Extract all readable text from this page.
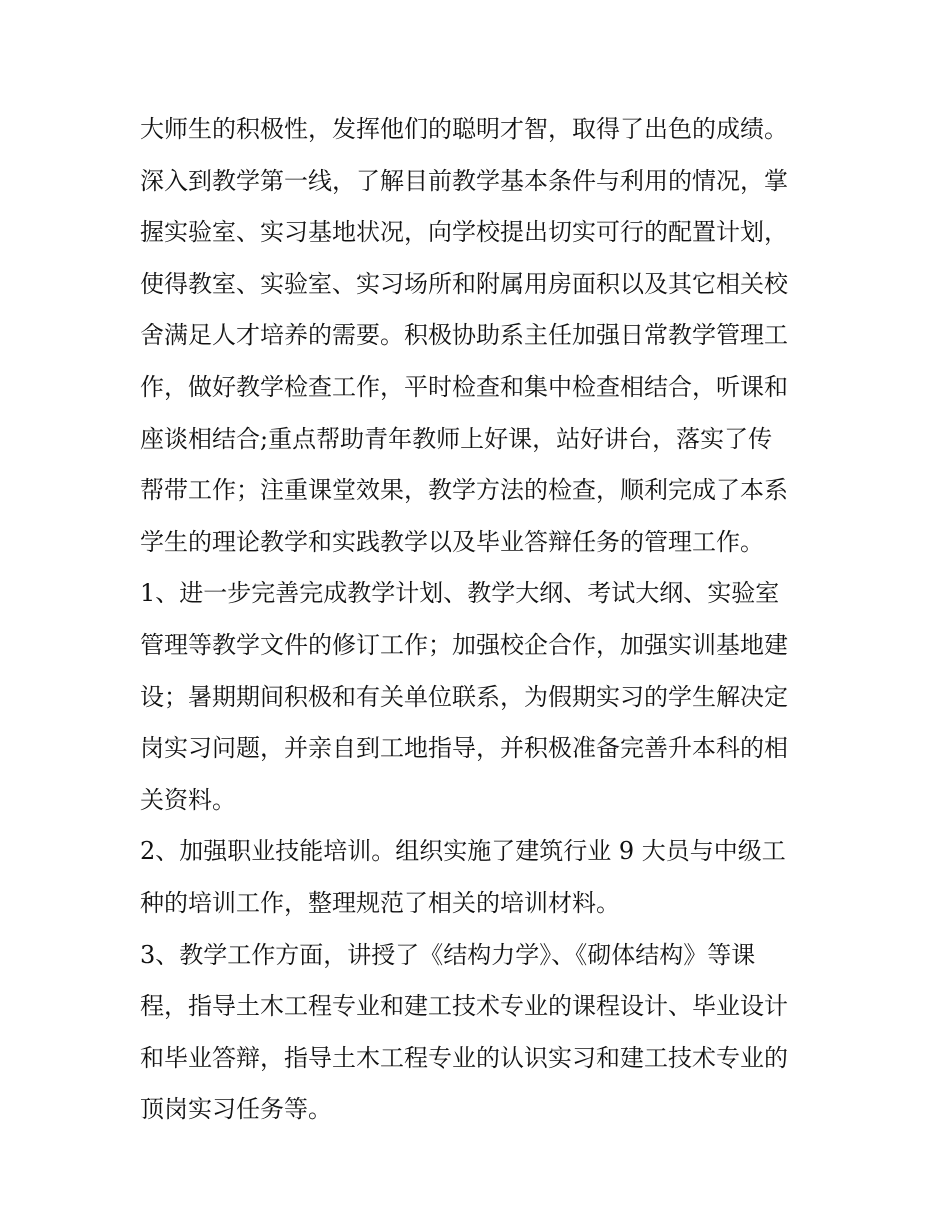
大师生的积极性，发挥他们的聪明才智，取得了出色的成绩。
深入到教学第一线，了解目前教学基本条件与利用的情况，掌
握实验室、实习基地状况，向学校提出切实可行的配置计划，
使得教室、实验室、实习场所和附属用房面积以及其它相关校
舍满足人才培养的需要。积极协助系主任加强日常教学管理工
作，做好教学检查工作，平时检查和集中检查相结合，听课和
座谈相结合;重点帮助青年教师上好课，站好讲台，落实了传
帮带工作；注重课堂效果，教学方法的检查，顺利完成了本系
学生的理论教学和实践教学以及毕业答辩任务的管理工作。
1、进一步完善完成教学计划、教学大纲、考试大纲、实验室
管理等教学文件的修订工作；加强校企合作，加强实训基地建
设；暑期期间积极和有关单位联系，为假期实习的学生解决定
岗实习问题，并亲自到工地指导，并积极准备完善升本科的相
关资料。
2、加强职业技能培训。组织实施了建筑行业 9 大员与中级工
种的培训工作，整理规范了相关的培训材料。
3、教学工作方面，讲授了《结构力学》、《砌体结构》等课
程，指导土木工程专业和建工技术专业的课程设计、毕业设计
和毕业答辩，指导土木工程专业的认识实习和建工技术专业的
顶岗实习任务等。
